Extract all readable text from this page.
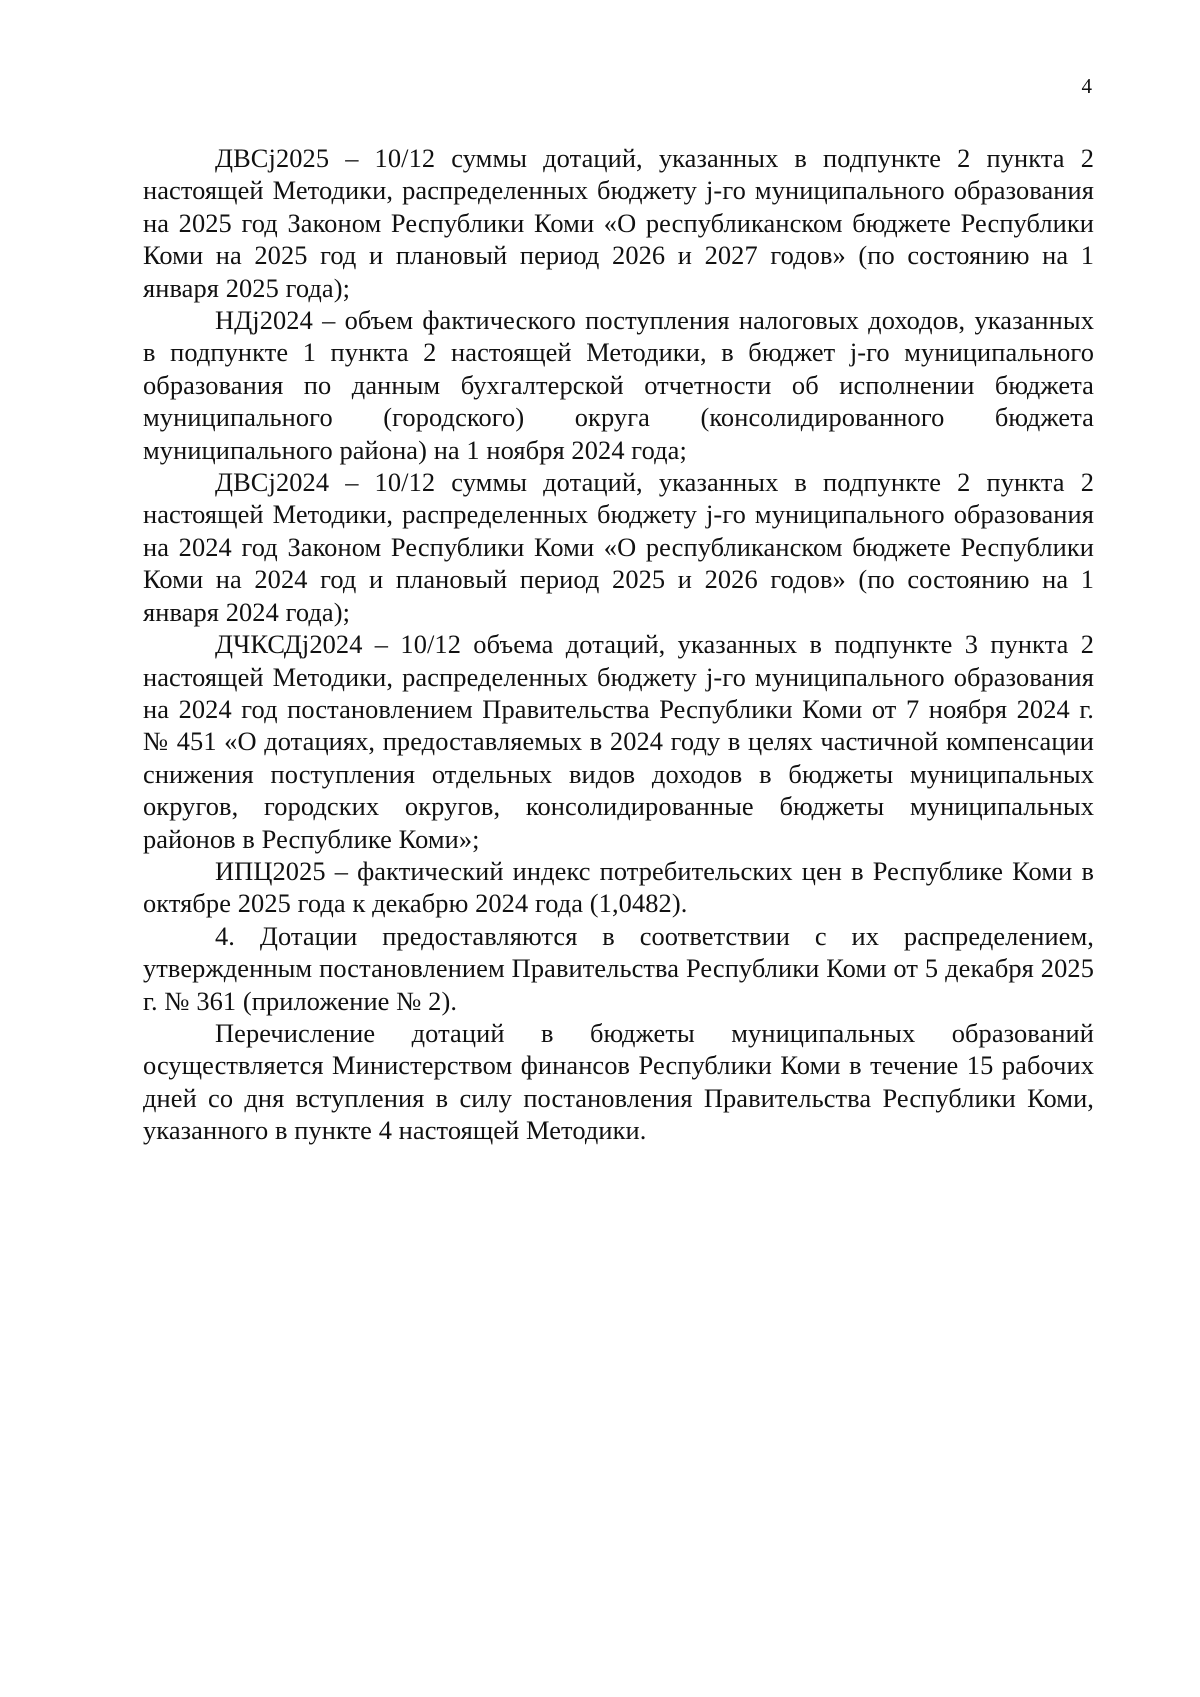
4

ДВСj2025 – 10/12 суммы дотаций, указанных в подпункте 2 пункта 2 настоящей Методики, распределенных бюджету j-го муниципального образования на 2025 год Законом Республики Коми «О республиканском бюджете Республики Коми на 2025 год и плановый период 2026 и 2027 годов» (по состоянию на 1 января 2025 года);

НДj2024 – объем фактического поступления налоговых доходов, указанных в подпункте 1 пункта 2 настоящей Методики, в бюджет j-го муниципального образования по данным бухгалтерской отчетности об исполнении бюджета муниципального (городского) округа (консолидированного бюджета муниципального района) на 1 ноября 2024 года;

ДВСj2024 – 10/12 суммы дотаций, указанных в подпункте 2 пункта 2 настоящей Методики, распределенных бюджету j-го муниципального образования на 2024 год Законом Республики Коми «О республиканском бюджете Республики Коми на 2024 год и плановый период 2025 и 2026 годов» (по состоянию на 1 января 2024 года);

ДЧКСДj2024 – 10/12 объема дотаций, указанных в подпункте 3 пункта 2 настоящей Методики, распределенных бюджету j-го муниципального образования на 2024 год постановлением Правительства Республики Коми от 7 ноября 2024 г. № 451 «О дотациях, предоставляемых в 2024 году в целях частичной компенсации снижения поступления отдельных видов доходов в бюджеты муниципальных округов, городских округов, консолидированные бюджеты муниципальных районов в Республике Коми»;

ИПЦ2025 – фактический индекс потребительских цен в Республике Коми в октябре 2025 года к декабрю 2024 года (1,0482).

4. Дотации предоставляются в соответствии с их распределением, утвержденным постановлением Правительства Республики Коми от 5 декабря 2025 г. № 361 (приложение № 2).

Перечисление дотаций в бюджеты муниципальных образований осуществляется Министерством финансов Республики Коми в течение 15 рабочих дней со дня вступления в силу постановления Правительства Республики Коми, указанного в пункте 4 настоящей Методики.
